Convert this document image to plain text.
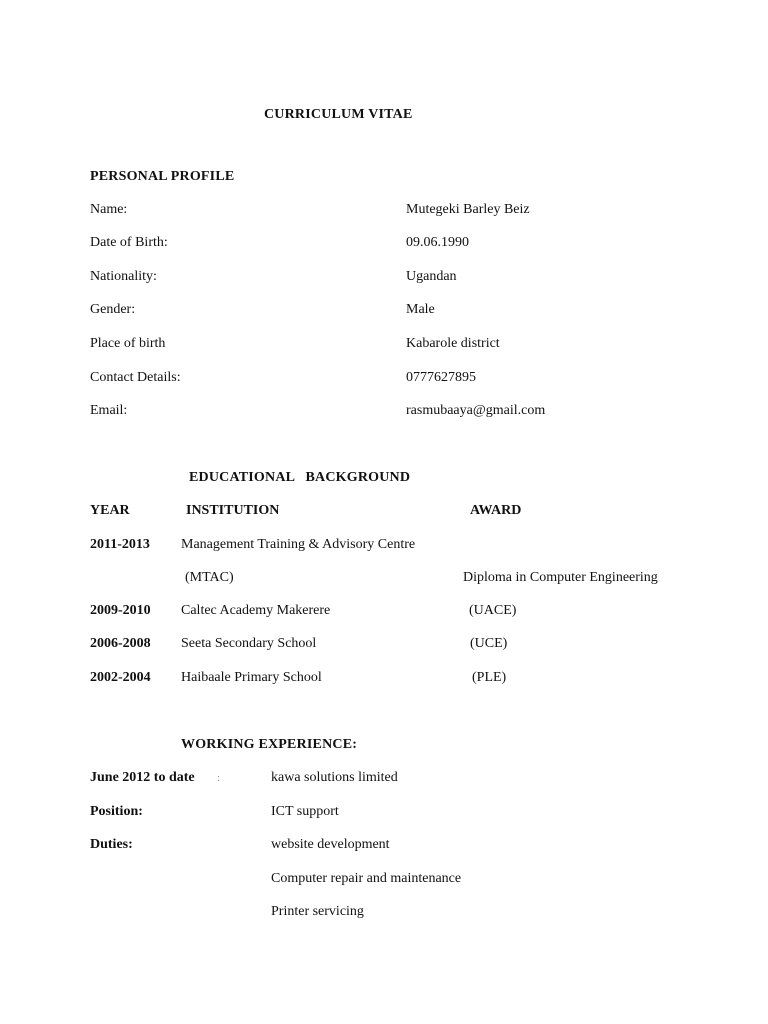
CURRICULUM VITAE
PERSONAL PROFILE
Name:	Mutegeki Barley Beiz
Date of Birth:	09.06.1990
Nationality:	Ugandan
Gender:	Male
Place of birth	Kabarole district
Contact Details:	0777627895
Email:	rasmubaaya@gmail.com
EDUCATIONAL   BACKGROUND
YEAR	INSTITUTION	AWARD
2011-2013 Management Training & Advisory Centre
(MTAC)	Diploma in Computer Engineering
2009-2010 Caltec Academy Makerere	(UACE)
2006-2008 Seeta Secondary School	(UCE)
2002-2004 Haibaale Primary School	(PLE)
WORKING EXPERIENCE:
June 2012 to date :	kawa solutions limited
Position:	ICT support
Duties:	website development
Computer repair and maintenance
Printer servicing
